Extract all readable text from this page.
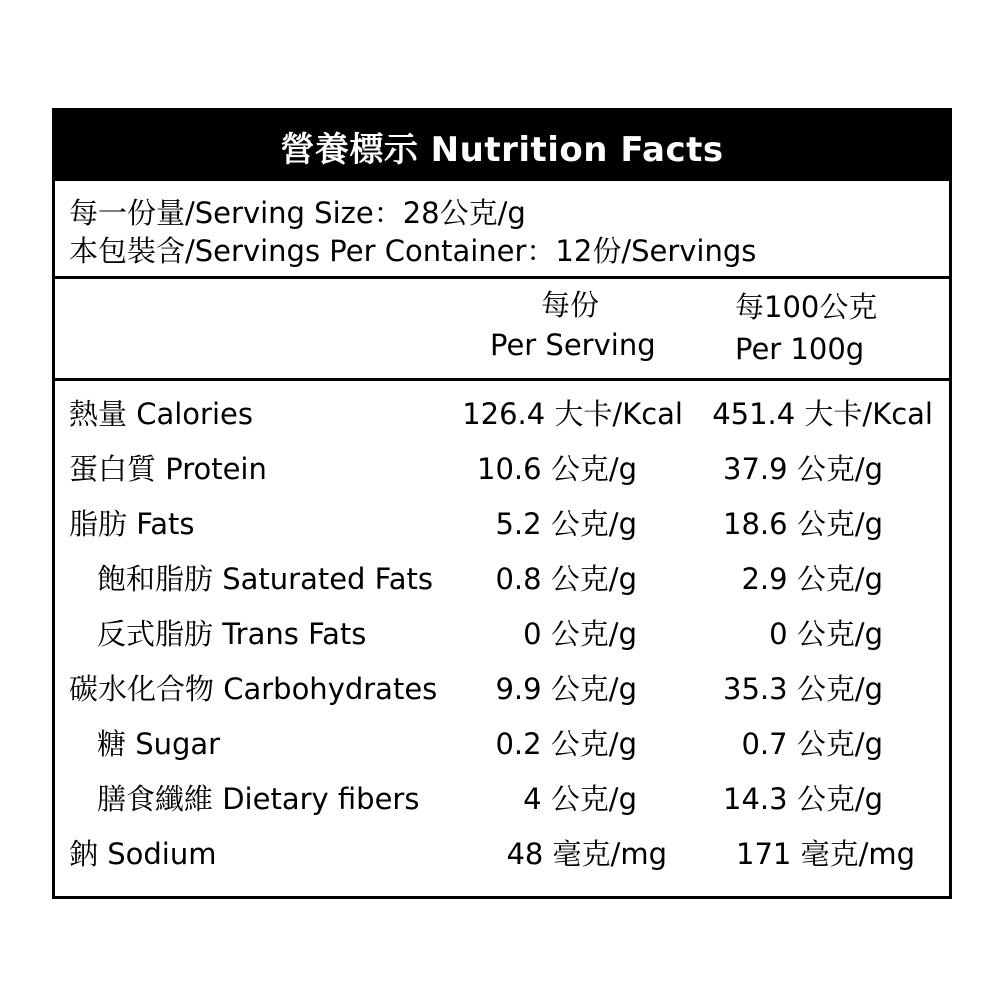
營養標示 Nutrition Facts
每一份量/Serving Size：28公克/g
本包裝含/Servings Per Container：12份/Servings
每份
Per Serving
每100公克
Per 100g
熱量 Calories	126.4 大卡/Kcal 451.4 大卡/Kcal
蛋白質 Protein	10.6 公克/g	37.9 公克/g
脂肪 Fats	5.2 公克/g	18.6 公克/g
飽和脂肪 Saturated Fats 0.8 公克/g	2.9 公克/g
反式脂肪 Trans Fats	0 公克/g	0 公克/g
碳水化合物 Carbohydrates 9.9 公克/g	35.3 公克/g
糖 Sugar	0.2 公克/g	0.7 公克/g
膳食纖維 Dietary fibers	4 公克/g	14.3 公克/g
鈉 Sodium	48 毫克/mg 171 毫克/mg
